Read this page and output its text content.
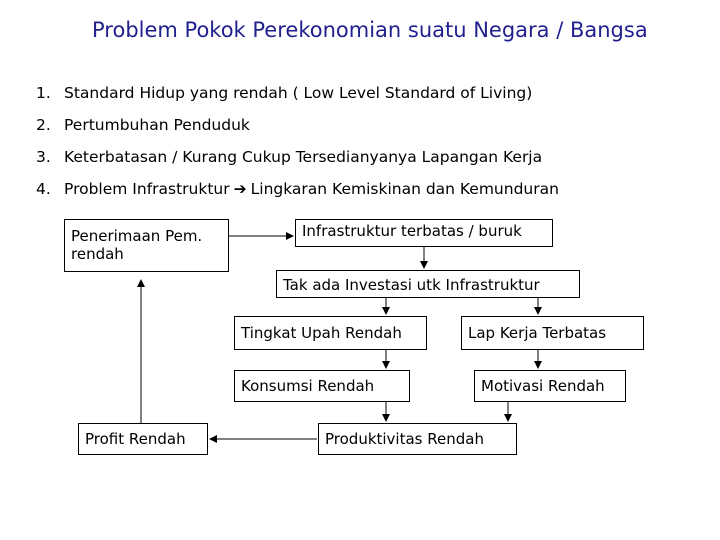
Problem Pokok Perekonomian suatu Negara / Bangsa
1. Standard Hidup yang rendah ( Low Level Standard of Living)
2. Pertumbuhan Penduduk
3. Keterbatasan / Kurang Cukup Tersedianyanya Lapangan Kerja
4. Problem Infrastruktur ➔ Lingkaran Kemiskinan dan Kemunduran
Penerimaan Pem.
rendah
Infrastruktur terbatas / buruk
Tak ada Investasi utk Infrastruktur
Tingkat Upah Rendah	Lap Kerja Terbatas
Konsumsi Rendah	Motivasi Rendah
Produktivitas Rendah
Profit Rendah
